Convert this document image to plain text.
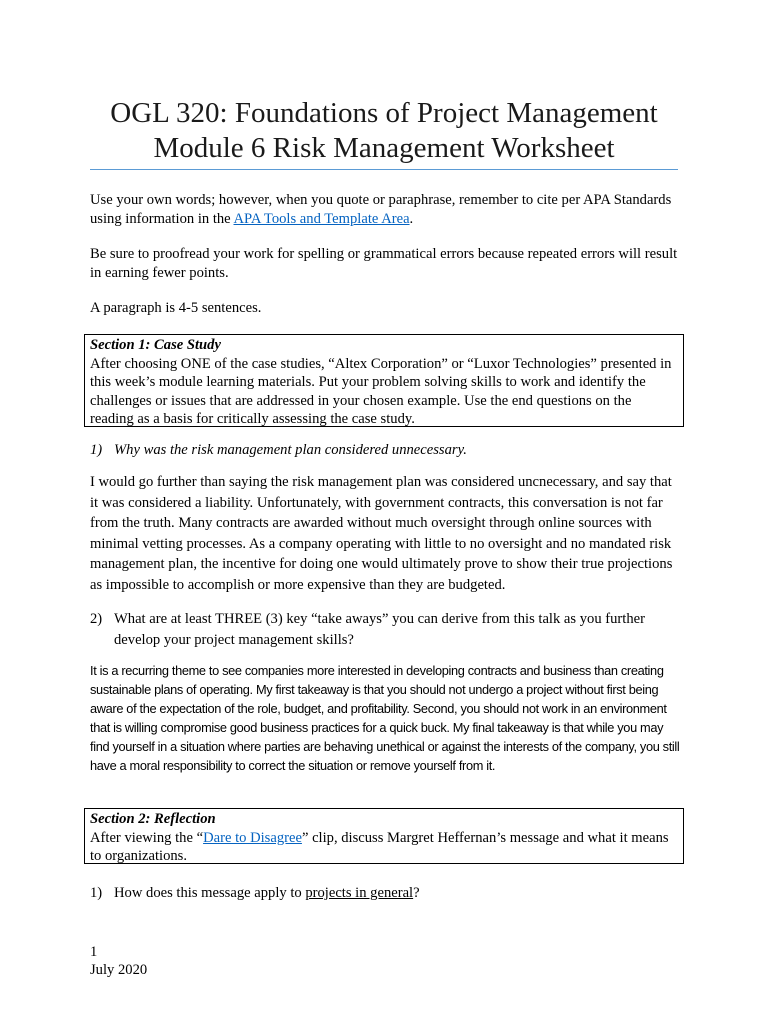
OGL 320: Foundations of Project Management
Module 6 Risk Management Worksheet

Use your own words; however, when you quote or paraphrase, remember to cite per APA Standards using information in the APA Tools and Template Area.

Be sure to proofread your work for spelling or grammatical errors because repeated errors will result in earning fewer points.

A paragraph is 4-5 sentences.

Section 1: Case Study
After choosing ONE of the case studies, “Altex Corporation” or “Luxor Technologies” presented in this week’s module learning materials. Put your problem solving skills to work and identify the challenges or issues that are addressed in your chosen example. Use the end questions on the reading as a basis for critically assessing the case study.
1) Why was the risk management plan considered unnecessary.

I would go further than saying the risk management plan was considered uncnecessary, and say that it was considered a liability. Unfortunately, with government contracts, this conversation is not far from the truth. Many contracts are awarded without much oversight through online sources with minimal vetting processes. As a company operating with little to no oversight and no mandated risk management plan, the incentive for doing one would ultimately prove to show their true projections as impossible to accomplish or more expensive than they are budgeted.

2) What are at least THREE (3) key “take aways” you can derive from this talk as you further develop your project management skills?

It is a recurring theme to see companies more interested in developing contracts and business than creating sustainable plans of operating. My first takeaway is that you should not undergo a project without first being aware of the expectation of the role, budget, and profitability. Second, you should not work in an environment that is willing compromise good business practices for a quick buck. My final takeaway is that while you may find yourself in a situation where parties are behaving unethical or against the interests of the company, you still have a moral responsibility to correct the situation or remove yourself from it.

Section 2: Reflection
After viewing the “Dare to Disagree” clip, discuss Margret Heffernan’s message and what it means to organizations.
1) How does this message apply to projects in general?
1
July 2020
